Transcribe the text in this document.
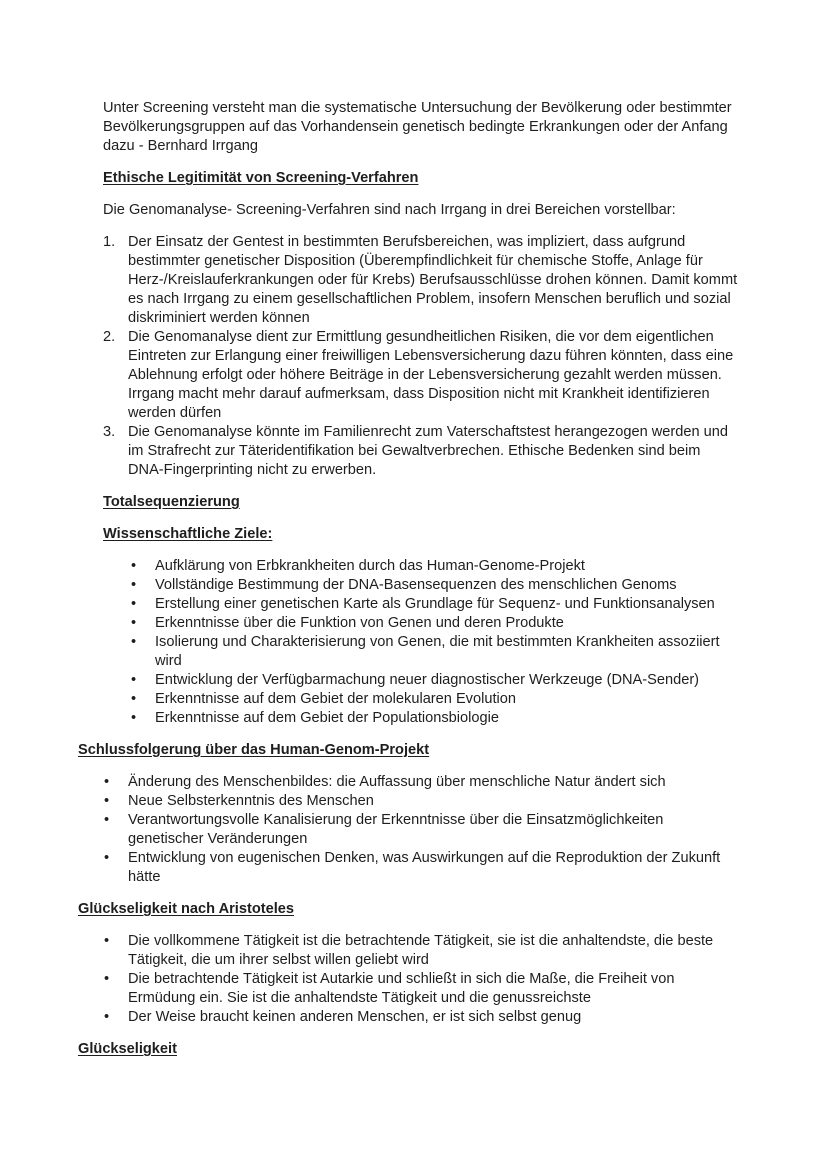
Unter Screening versteht man die systematische Untersuchung der Bevölkerung oder bestimmter Bevölkerungsgruppen auf das Vorhandensein genetisch bedingte Erkrankungen oder der Anfang dazu - Bernhard Irrgang

Ethische Legitimität von Screening-Verfahren

Die Genomanalyse- Screening-Verfahren sind nach Irrgang in drei Bereichen vorstellbar:

1. Der Einsatz der Gentest in bestimmten Berufsbereichen, was impliziert, dass aufgrund bestimmter genetischer Disposition (Überempfindlichkeit für chemische Stoffe, Anlage für Herz-/Kreislauferkrankungen oder für Krebs) Berufsausschlüsse drohen können. Damit kommt es nach Irrgang zu einem gesellschaftlichen Problem, insofern Menschen beruflich und sozial diskriminiert werden können
2. Die Genomanalyse dient zur Ermittlung gesundheitlichen Risiken, die vor dem eigentlichen Eintreten zur Erlangung einer freiwilligen Lebensversicherung dazu führen könnten, dass eine Ablehnung erfolgt oder höhere Beiträge in der Lebensversicherung gezahlt werden müssen. Irrgang macht mehr darauf aufmerksam, dass Disposition nicht mit Krankheit identifizieren werden dürfen
3. Die Genomanalyse könnte im Familienrecht zum Vaterschaftstest herangezogen werden und im Strafrecht zur Täteridentifikation bei Gewaltverbrechen. Ethische Bedenken sind beim DNA-Fingerprinting nicht zu erwerben.
Totalsequenzierung
Wissenschaftliche Ziele:
• Aufklärung von Erbkrankheiten durch das Human-Genome-Projekt
• Vollständige Bestimmung der DNA-Basensequenzen des menschlichen Genoms
• Erstellung einer genetischen Karte als Grundlage für Sequenz- und Funktionsanalysen
• Erkenntnisse über die Funktion von Genen und deren Produkte
• Isolierung und Charakterisierung von Genen, die mit bestimmten Krankheiten assoziiert wird
• Entwicklung der Verfügbarmachung neuer diagnostischer Werkzeuge (DNA-Sender)
• Erkenntnisse auf dem Gebiet der molekularen Evolution
• Erkenntnisse auf dem Gebiet der Populationsbiologie
Schlussfolgerung über das Human-Genom-Projekt
• Änderung des Menschenbildes: die Auffassung über menschliche Natur ändert sich
• Neue Selbsterkenntnis des Menschen
• Verantwortungsvolle Kanalisierung der Erkenntnisse über die Einsatzmöglichkeiten genetischer Veränderungen
• Entwicklung von eugenischen Denken, was Auswirkungen auf die Reproduktion der Zukunft hätte
Glückseligkeit nach Aristoteles
• Die vollkommene Tätigkeit ist die betrachtende Tätigkeit, sie ist die anhaltendste, die beste Tätigkeit, die um ihrer selbst willen geliebt wird
• Die betrachtende Tätigkeit ist Autarkie und schließt in sich die Maße, die Freiheit von Ermüdung ein. Sie ist die anhaltendste Tätigkeit und die genussreichste
• Der Weise braucht keinen anderen Menschen, er ist sich selbst genug
Glückseligkeit
